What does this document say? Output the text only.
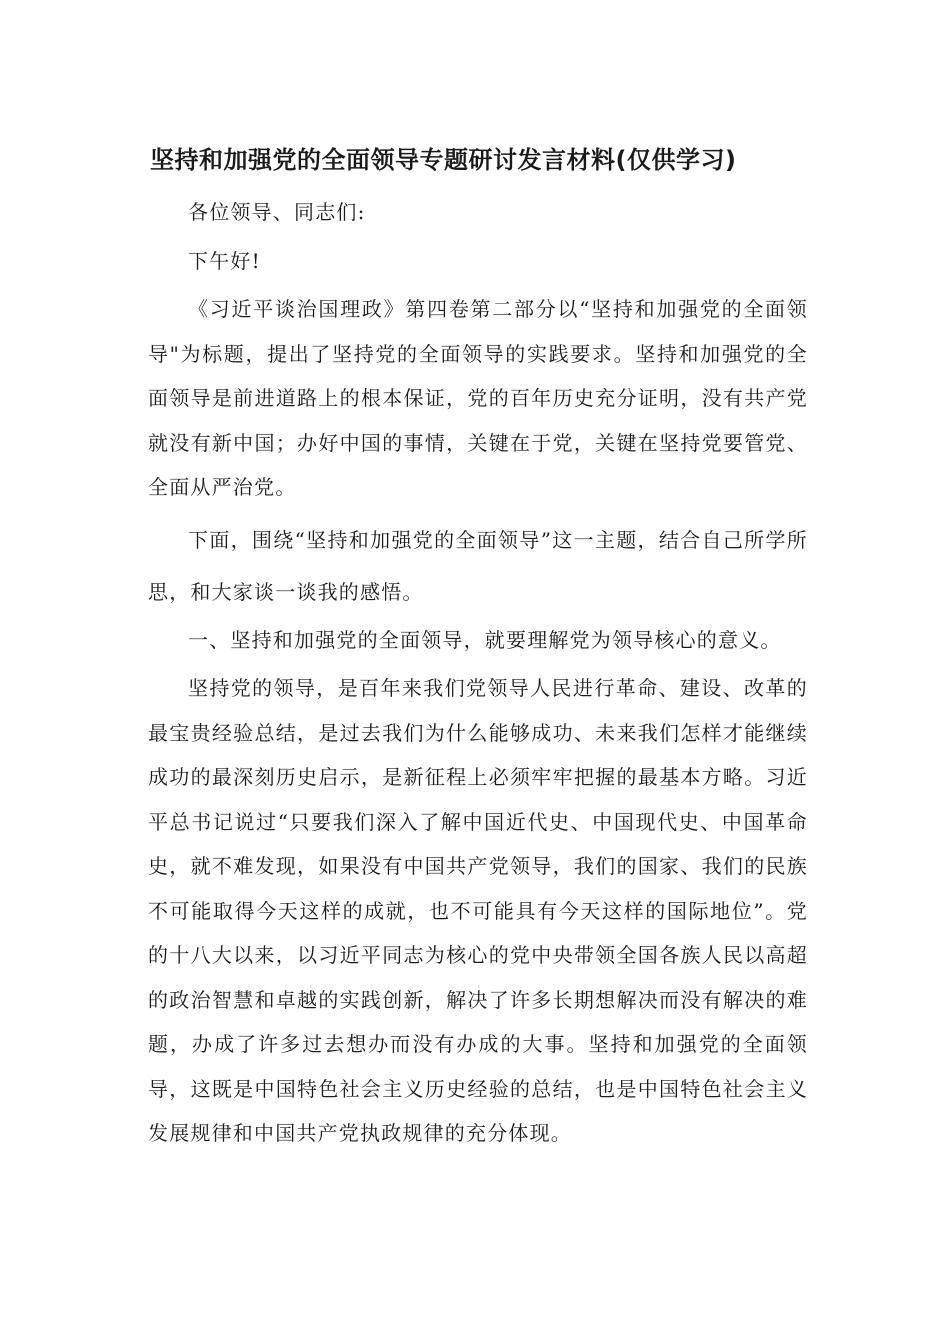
坚持和加强党的全面领导专题研讨发言材料(仅供学习)

各位领导、同志们:

下午好!

《习近平谈治国理政》第四卷第二部分以“坚持和加强党的全面领导"为标题，提出了坚持党的全面领导的实践要求。坚持和加强党的全面领导是前进道路上的根本保证，党的百年历史充分证明，没有共产党就没有新中国；办好中国的事情，关键在于党，关键在坚持党要管党、全面从严治党。

下面，围绕“坚持和加强党的全面领导”这一主题，结合自己所学所思，和大家谈一谈我的感悟。

一、坚持和加强党的全面领导，就要理解党为领导核心的意义。

坚持党的领导，是百年来我们党领导人民进行革命、建设、改革的最宝贵经验总结，是过去我们为什么能够成功、未来我们怎样才能继续成功的最深刻历史启示，是新征程上必须牢牢把握的最基本方略。习近平总书记说过“只要我们深入了解中国近代史、中国现代史、中国革命史，就不难发现，如果没有中国共产党领导，我们的国家、我们的民族不可能取得今天这样的成就，也不可能具有今天这样的国际地位”。党的十八大以来，以习近平同志为核心的党中央带领全国各族人民以高超的政治智慧和卓越的实践创新，解决了许多长期想解决而没有解决的难题，办成了许多过去想办而没有办成的大事。坚持和加强党的全面领导，这既是中国特色社会主义历史经验的总结，也是中国特色社会主义发展规律和中国共产党执政规律的充分体现。
